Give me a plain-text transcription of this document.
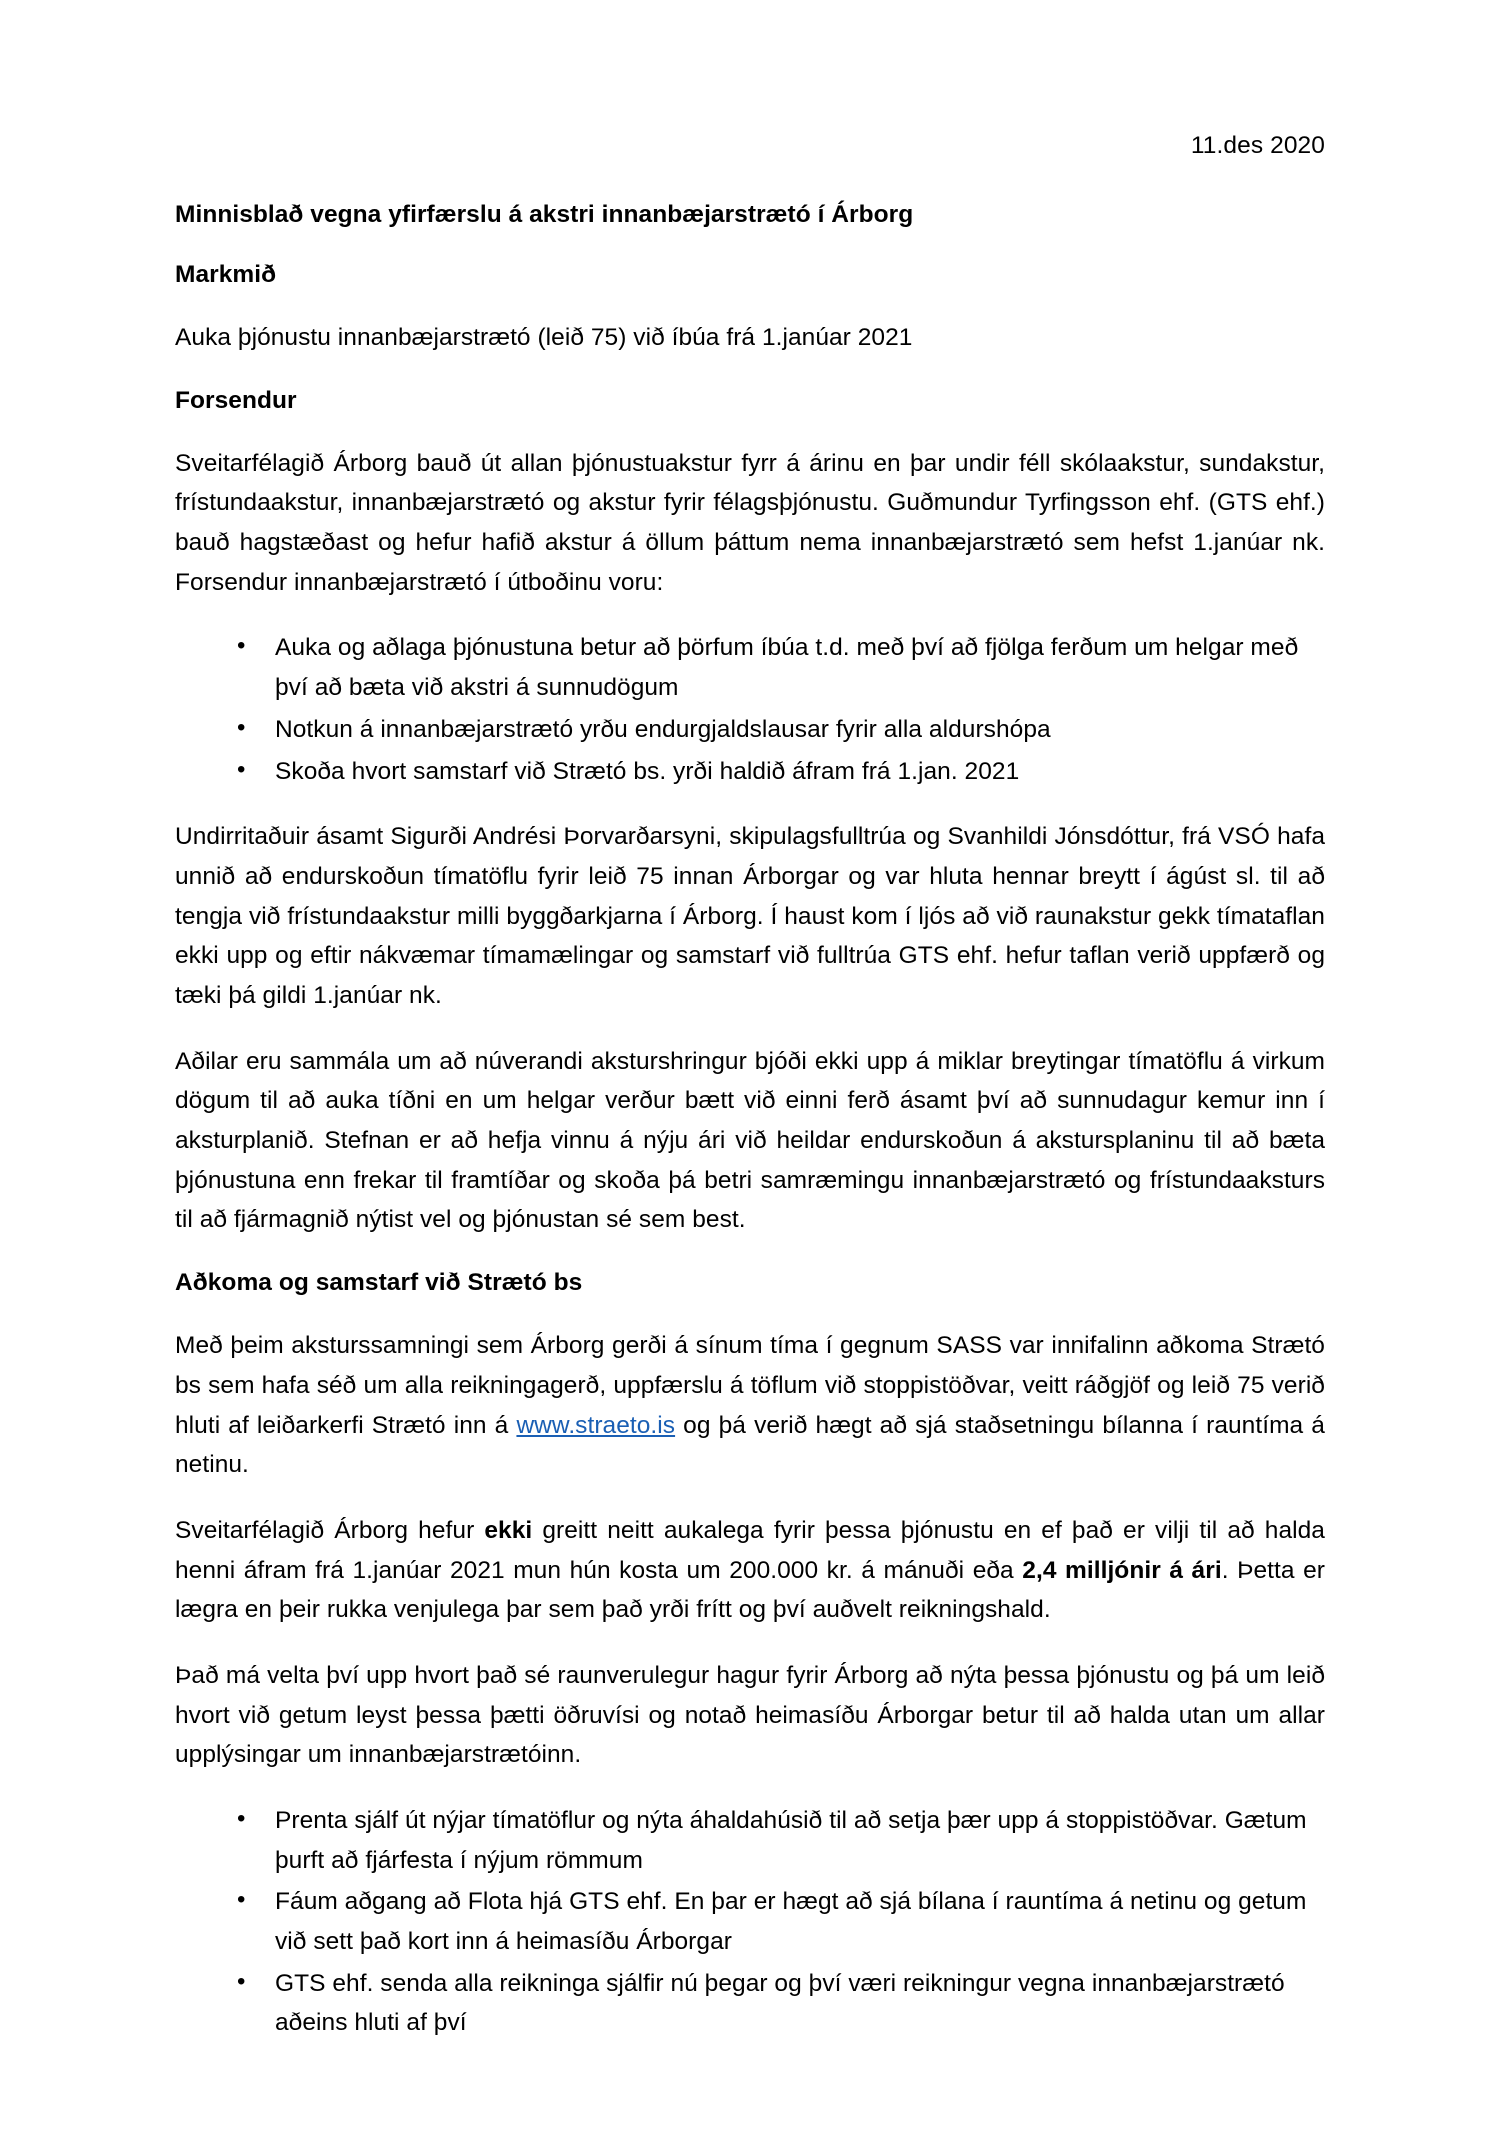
11.des 2020
Minnisblað vegna yfirfærslu á akstri innanbæjarstrætó í Árborg
Markmið

Auka þjónustu innanbæjarstrætó (leið 75) við íbúa frá 1.janúar 2021

Forsendur

Sveitarfélagið Árborg bauð út allan þjónustuakstur fyrr á árinu en þar undir féll skólaakstur, sundakstur, frístundaakstur, innanbæjarstrætó og akstur fyrir félagsþjónustu. Guðmundur Tyrfingsson ehf. (GTS ehf.) bauð hagstæðast og hefur hafið akstur á öllum þáttum nema innanbæjarstrætó sem hefst 1.janúar nk. Forsendur innanbæjarstrætó í útboðinu voru:

• Auka og aðlaga þjónustuna betur að þörfum íbúa t.d. með því að fjölga ferðum um helgar með því að bæta við akstri á sunnudögum
• Notkun á innanbæjarstrætó yrðu endurgjaldslausar fyrir alla aldurshópa
• Skoða hvort samstarf við Strætó bs. yrði haldið áfram frá 1.jan. 2021

Undirritaðuir ásamt Sigurði Andrési Þorvarðarsyni, skipulagsfulltrúa og Svanhildi Jónsdóttur, frá VSÓ hafa unnið að endurskoðun tímatöflu fyrir leið 75 innan Árborgar og var hluta hennar breytt í ágúst sl. til að tengja við frístundaakstur milli byggðarkjarna í Árborg. Í haust kom í ljós að við raunakstur gekk tímataflan ekki upp og eftir nákvæmar tímamælingar og samstarf við fulltrúa GTS ehf. hefur taflan verið uppfærð og tæki þá gildi 1.janúar nk.

Aðilar eru sammála um að núverandi aksturshringur bjóði ekki upp á miklar breytingar tímatöflu á virkum dögum til að auka tíðni en um helgar verður bætt við einni ferð ásamt því að sunnudagur kemur inn í aksturplanið. Stefnan er að hefja vinnu á nýju ári við heildar endurskoðun á akstursplaninu til að bæta þjónustuna enn frekar til framtíðar og skoða þá betri samræmingu innanbæjarstrætó og frístundaaksturs til að fjármagnið nýtist vel og þjónustan sé sem best.

Aðkoma og samstarf við Strætó bs

Með þeim aksturssamningi sem Árborg gerði á sínum tíma í gegnum SASS var innifalinn aðkoma Strætó bs sem hafa séð um alla reikningagerð, uppfærslu á töflum við stoppistöðvar, veitt ráðgjöf og leið 75 verið hluti af leiðarkerfi Strætó inn á www.straeto.is og þá verið hægt að sjá staðsetningu bílanna í rauntíma á netinu.

Sveitarfélagið Árborg hefur ekki greitt neitt aukalega fyrir þessa þjónustu en ef það er vilji til að halda henni áfram frá 1.janúar 2021 mun hún kosta um 200.000 kr. á mánuði eða 2,4 milljónir á ári. Þetta er lægra en þeir rukka venjulega þar sem það yrði frítt og því auðvelt reikningshald.

Það má velta því upp hvort það sé raunverulegur hagur fyrir Árborg að nýta þessa þjónustu og þá um leið hvort við getum leyst þessa þætti öðruvísi og notað heimasíðu Árborgar betur til að halda utan um allar upplýsingar um innanbæjarstrætóinn.

• Prenta sjálf út nýjar tímatöflur og nýta áhaldahúsið til að setja þær upp á stoppistöðvar. Gætum þurft að fjárfesta í nýjum römmum
• Fáum aðgang að Flota hjá GTS ehf. En þar er hægt að sjá bílana í rauntíma á netinu og getum við sett það kort inn á heimasíðu Árborgar
• GTS ehf. senda alla reikninga sjálfir nú þegar og því væri reikningur vegna innanbæjarstrætó aðeins hluti af því
